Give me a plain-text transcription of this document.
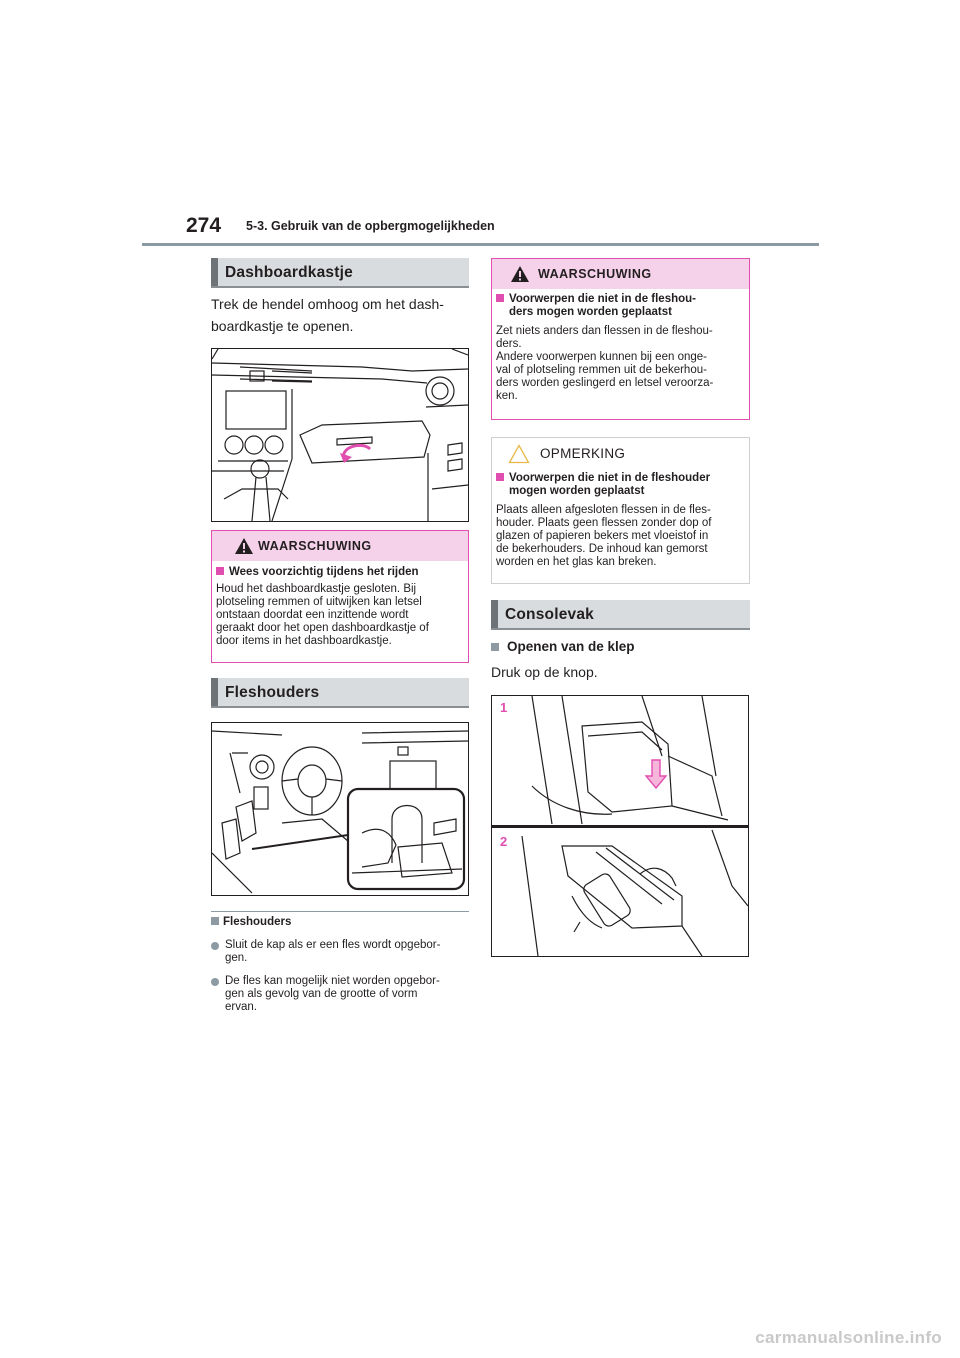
274 5-3. Gebruik van de opbergmogelijkheden
Dashboardkastje
Trek de hendel omhoog om het dash-
boardkastje te openen.
WAARSCHUWING
Wees voorzichtig tijdens het rijden
Houd het dashboardkastje gesloten. Bij
plotseling remmen of uitwijken kan letsel
ontstaan doordat een inzittende wordt
geraakt door het open dashboardkastje of
door items in het dashboardkastje.
Fleshouders
Fleshouders
Sluit de kap als er een fles wordt opgebor-
gen.
De fles kan mogelijk niet worden opgebor-
gen als gevolg van de grootte of vorm
ervan.
WAARSCHUWING
Voorwerpen die niet in de fleshou-
ders mogen worden geplaatst
Zet niets anders dan flessen in de fleshou-
ders.
Andere voorwerpen kunnen bij een onge-
val of plotseling remmen uit de bekerhou-
ders worden geslingerd en letsel veroorza-
ken.
OPMERKING
Voorwerpen die niet in de fleshouder
mogen worden geplaatst
Plaats alleen afgesloten flessen in de fles-
houder. Plaats geen flessen zonder dop of
glazen of papieren bekers met vloeistof in
de bekerhouders. De inhoud kan gemorst
worden en het glas kan breken.
Consolevak
Openen van de klep
Druk op de knop.
1
2
carmanualsonline.info
